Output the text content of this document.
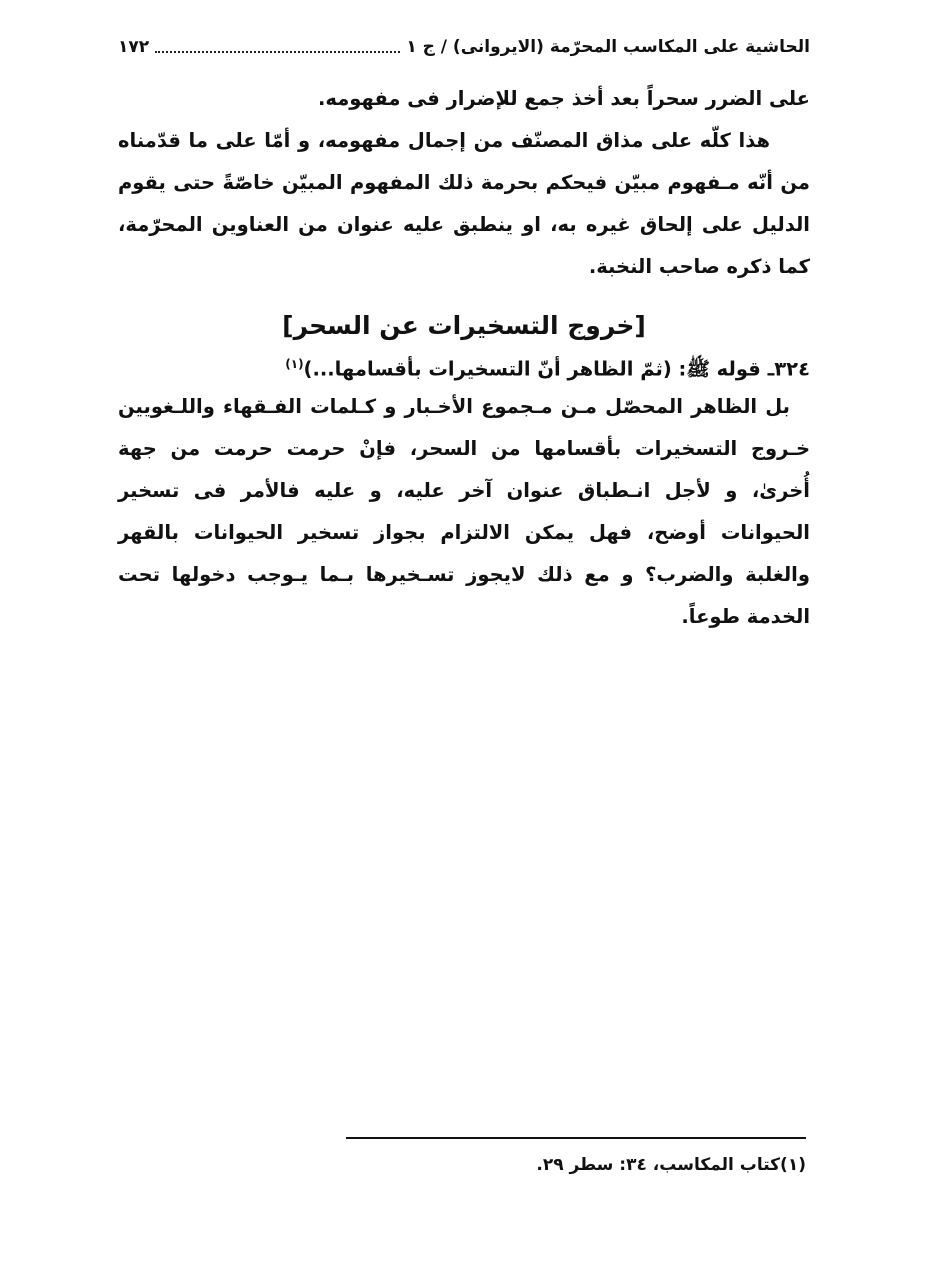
الحاشية على المكاسب المحرّمة (الايروانى) / ج ١
١٧٢
على الضرر سحراً بعد أخذ جمع للإضرار فى مفهومه.
هذا كلّه على مذاق المصنّف من إجمال مفهومه، و أمّا على ما قدّمناه من أنّه مـفهوم مبيّن فيحكم بحرمة ذلك المفهوم المبيّن خاصّةً حتى يقوم الدليل على إلحاق غيره به، او ينطبق عليه عنوان من العناوين المحرّمة، كما ذكره صاحب النخبة.
[خروج التسخيرات عن السحر]
٣٢٤ـ قوله ﷺ: (ثمّ الظاهر أنّ التسخيرات بأقسامها...)$^{(١)}$
بل الظاهر المحصّل مـن مـجموع الأخـبار و كـلمات الفـقهاء واللـغويين خـروج التسخيرات بأقسامها من السحر، فإنْ حرمت حرمت من جهة أُخرىٰ، و لأجل انـطباق عنوان آخر عليه، و عليه فالأمر فى تسخير الحيوانات أوضح، فهل يمكن الالتزام بجواز تسخير الحيوانات بالقهر والغلبة والضرب؟ و مع ذلك لايجوز تسـخيرها بـما يـوجب دخولها تحت الخدمة طوعاً.
(١)كتاب المكاسب، ٣٤: سطر ٢٩.
